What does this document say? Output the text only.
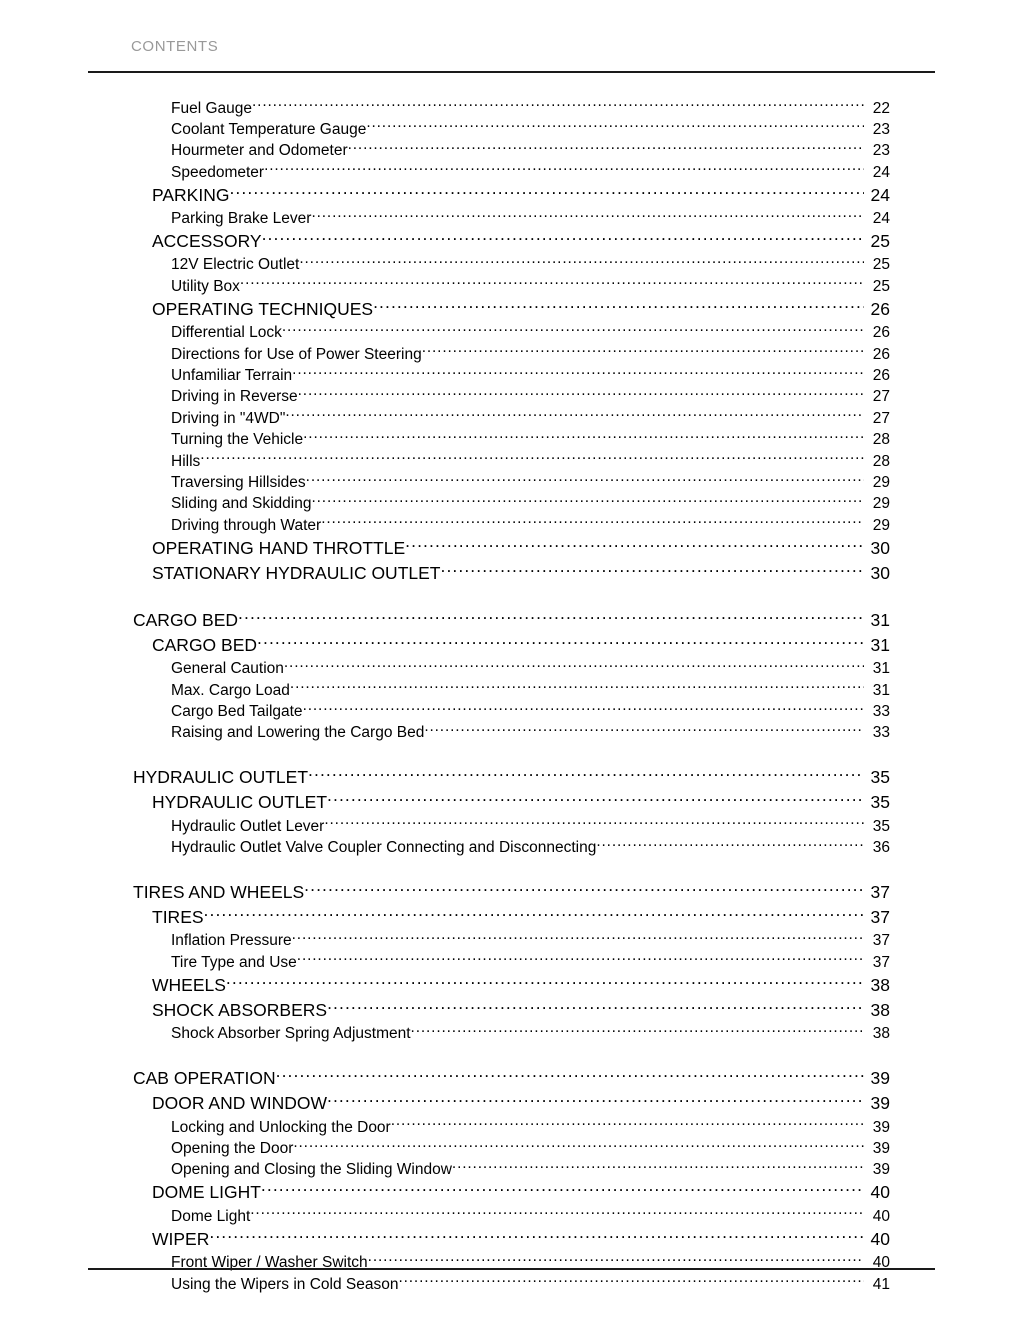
CONTENTS
Fuel Gauge .....	22
Coolant Temperature Gauge .....	23
Hourmeter and Odometer .....	23
Speedometer .....	24
PARKING .....	24
Parking Brake Lever .....	24
ACCESSORY .....	25
12V Electric Outlet .....	25
Utility Box .....	25
OPERATING TECHNIQUES .....	26
Differential Lock .....	26
Directions for Use of Power Steering .....	26
Unfamiliar Terrain .....	26
Driving in Reverse .....	27
Driving in "4WD" .....	27
Turning the Vehicle .....	28
Hills .....	28
Traversing Hillsides .....	29
Sliding and Skidding .....	29
Driving through Water .....	29
OPERATING HAND THROTTLE .....	30
STATIONARY HYDRAULIC OUTLET .....	30
CARGO BED .....	31
CARGO BED .....	31
General Caution .....	31
Max. Cargo Load .....	31
Cargo Bed Tailgate .....	33
Raising and Lowering the Cargo Bed .....	33
HYDRAULIC OUTLET .....	35
HYDRAULIC OUTLET .....	35
Hydraulic Outlet Lever .....	35
Hydraulic Outlet Valve Coupler Connecting and Disconnecting .....	36
TIRES AND WHEELS .....	37
TIRES .....	37
Inflation Pressure .....	37
Tire Type and Use .....	37
WHEELS .....	38
SHOCK ABSORBERS .....	38
Shock Absorber Spring Adjustment .....	38
CAB OPERATION .....	39
DOOR AND WINDOW .....	39
Locking and Unlocking the Door .....	39
Opening the Door .....	39
Opening and Closing the Sliding Window .....	39
DOME LIGHT .....	40
Dome Light .....	40
WIPER .....	40
Front Wiper / Washer Switch .....	40
Using the Wipers in Cold Season .....	41
